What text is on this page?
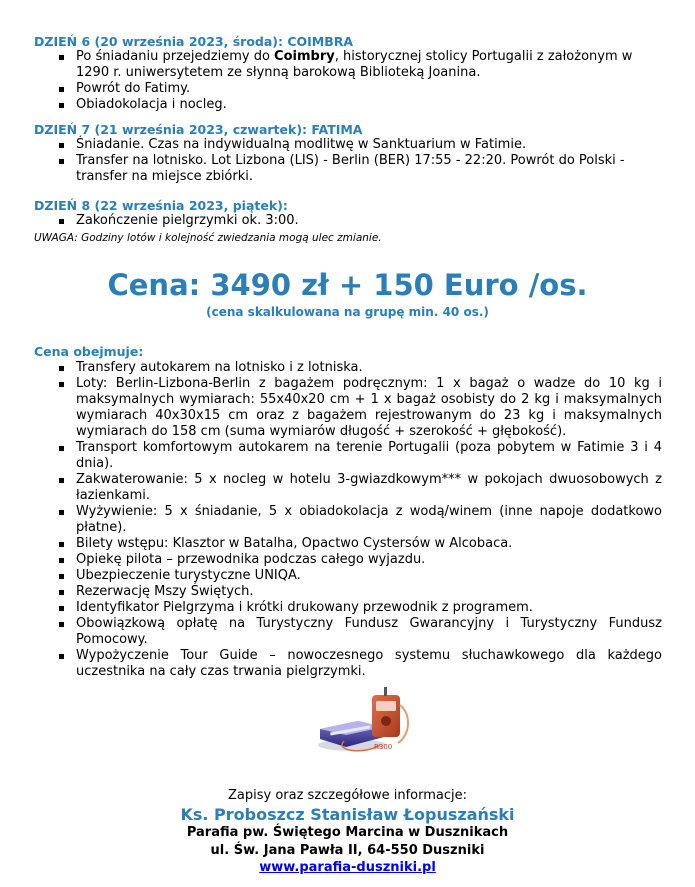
DZIEŃ 6 (20 września 2023, środa): COIMBRA
Po śniadaniu przejedziemy do Coimbry, historycznej stolicy Portugalii z założonym w 1290 r. uniwersytetem ze słynną barokową Biblioteką Joanina.
Powrót do Fatimy.
Obiadokolacja i nocleg.
DZIEŃ 7 (21 września 2023, czwartek): FATIMA
Śniadanie. Czas na indywidualną modlitwę w Sanktuarium w Fatimie.
Transfer na lotnisko. Lot Lizbona (LIS) - Berlin (BER) 17:55 - 22:20. Powrót do Polski - transfer na miejsce zbiórki.
DZIEŃ 8 (22 września 2023, piątek):
Zakończenie pielgrzymki ok. 3:00.
UWAGA: Godziny lotów i kolejność zwiedzania mogą ulec zmianie.
Cena: 3490 zł + 150 Euro /os.
(cena skalkulowana na grupę min. 40 os.)
Cena obejmuje:
Transfery autokarem na lotnisko i z lotniska.
Loty: Berlin-Lizbona-Berlin z bagażem podręcznym: 1 x bagaż o wadze do 10 kg i maksymalnych wymiarach: 55x40x20 cm + 1 x bagaż osobisty do 2 kg i maksymalnych wymiarach 40x30x15 cm oraz z bagażem rejestrowanym do 23 kg i maksymalnych wymiarach do 158 cm (suma wymiarów długość + szerokość + głębokość).
Transport komfortowym autokarem na terenie Portugalii (poza pobytem w Fatimie 3 i 4 dnia).
Zakwaterowanie: 5 x nocleg w hotelu 3-gwiazdkowym*** w pokojach dwuosobowych z łazienkami.
Wyżywienie: 5 x śniadanie, 5 x obiadokolacja z wodą/winem (inne napoje dodatkowo płatne).
Bilety wstępu: Klasztor w Batalha, Opactwo Cystersów w Alcobaca.
Opiekę pilota – przewodnika podczas całego wyjazdu.
Ubezpieczenie turystyczne UNIQA.
Rezerwację Mszy Świętych.
Identyfikator Pielgrzyma i krótki drukowany przewodnik z programem.
Obowiązkową opłatę na Turystyczny Fundusz Gwarancyjny i Turystyczny Fundusz Pomocowy.
Wypożyczenie Tour Guide – nowoczesnego systemu słuchawkowego dla każdego uczestnika na cały czas trwania pielgrzymki.
R300
Zapisy oraz szczegółowe informacje:
Ks. Proboszcz Stanisław Łopuszański
Parafia pw. Świętego Marcina w Dusznikach
ul. Św. Jana Pawła II, 64-550 Duszniki
www.parafia-duszniki.pl
